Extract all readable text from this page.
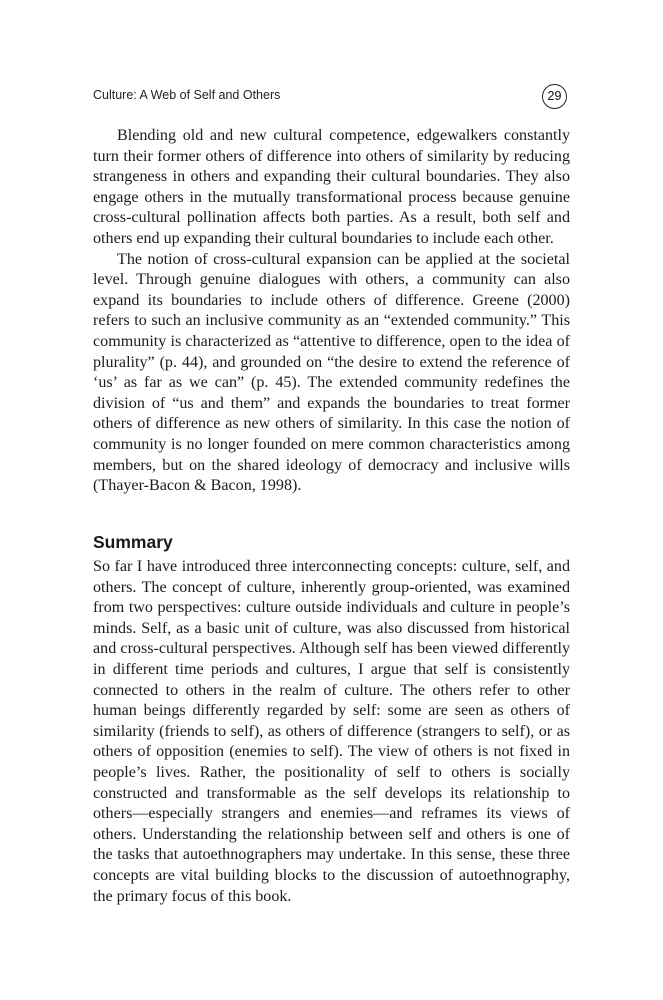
Culture: A Web of Self and Others	29

Blending old and new cultural competence, edgewalkers constantly turn their former others of difference into others of similarity by reducing strangeness in others and expanding their cultural boundaries. They also engage others in the mutually transformational process because genuine cross-cultural pollination affects both parties. As a result, both self and others end up expanding their cultural boundaries to include each other.

The notion of cross-cultural expansion can be applied at the societal level. Through genuine dialogues with others, a community can also expand its boundaries to include others of difference. Greene (2000) refers to such an inclusive community as an “extended community.” This community is characterized as “attentive to difference, open to the idea of plurality” (p. 44), and grounded on “the desire to extend the reference of ‘us’ as far as we can” (p. 45). The extended community redefines the division of “us and them” and expands the boundaries to treat former others of difference as new others of similarity. In this case the notion of community is no longer founded on mere common characteristics among members, but on the shared ideology of democracy and inclusive wills (Thayer-Bacon & Bacon, 1998).

Summary

So far I have introduced three interconnecting concepts: culture, self, and others. The concept of culture, inherently group-oriented, was examined from two perspectives: culture outside individuals and culture in people’s minds. Self, as a basic unit of culture, was also discussed from historical and cross-cultural perspectives. Although self has been viewed differently in different time periods and cultures, I argue that self is consistently connected to others in the realm of culture. The others refer to other human beings differently regarded by self: some are seen as others of similarity (friends to self), as others of difference (strangers to self), or as others of opposition (enemies to self). The view of others is not fixed in people’s lives. Rather, the positionality of self to others is socially constructed and transformable as the self develops its relationship to others—especially strangers and enemies—and reframes its views of others. Understanding the relationship between self and others is one of the tasks that autoethnographers may undertake. In this sense, these three concepts are vital building blocks to the discussion of autoethnography, the primary focus of this book.
